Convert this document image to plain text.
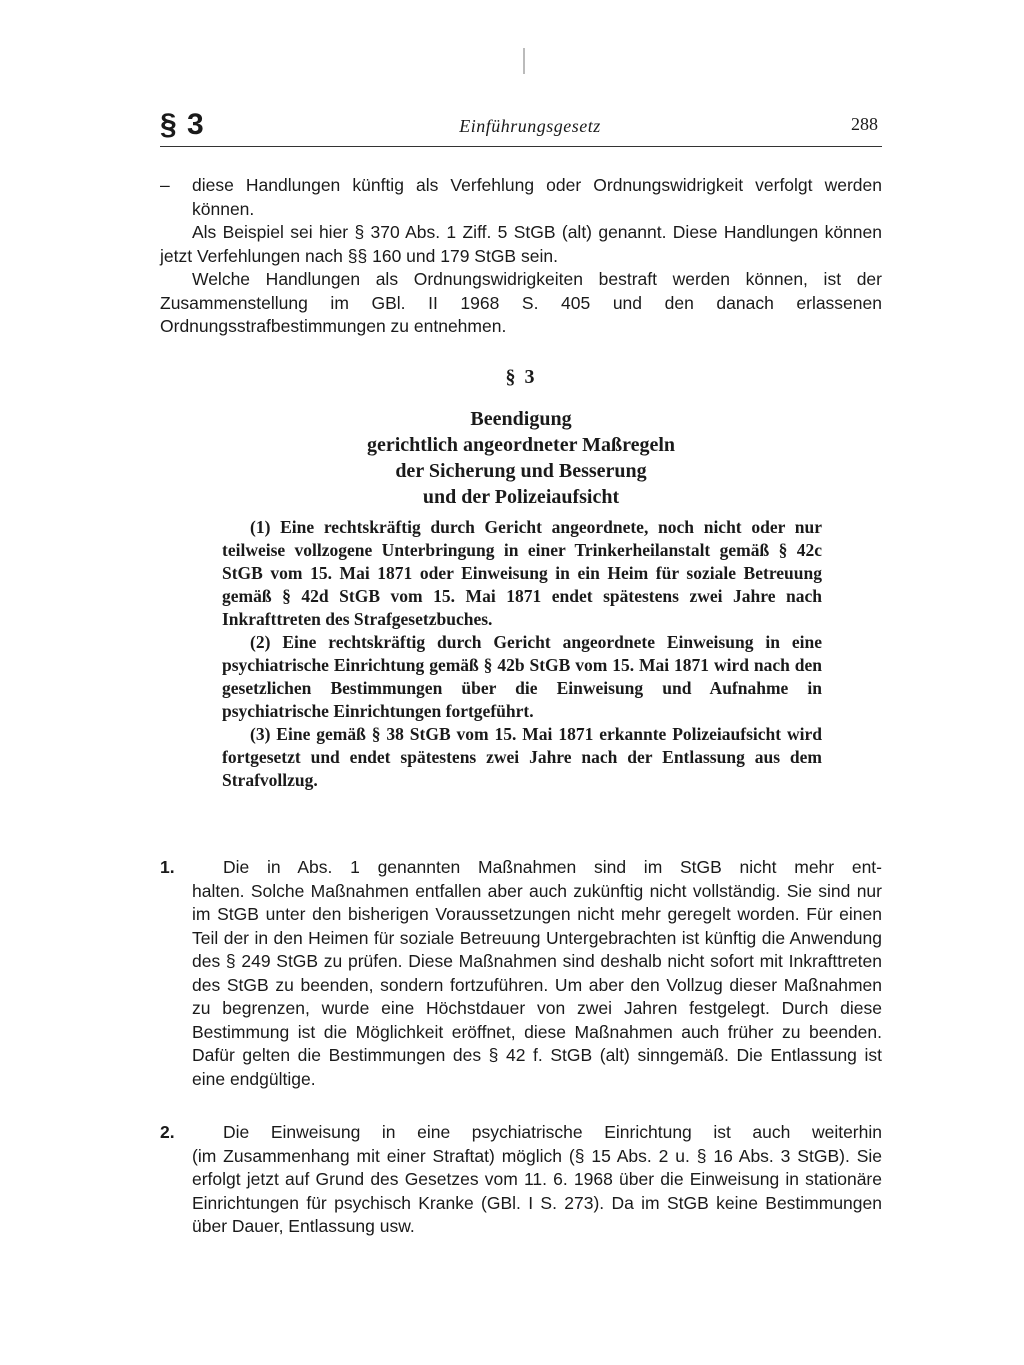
§ 3	Einführungsgesetz	288

– diese Handlungen künftig als Verfehlung oder Ordnungswidrigkeit verfolgt werden können.

Als Beispiel sei hier § 370 Abs. 1 Ziff. 5 StGB (alt) genannt. Diese Handlungen können jetzt Verfehlungen nach §§ 160 und 179 StGB sein.

Welche Handlungen als Ordnungswidrigkeiten bestraft werden können, ist der Zusammenstellung im GBl. II 1968 S. 405 und den danach erlassenen Ordnungsstrafbestimmungen zu entnehmen.

§ 3
Beendigung
gerichtlich angeordneter Maßregeln
der Sicherung und Besserung
und der Polizeiaufsicht

(1) Eine rechtskräftig durch Gericht angeordnete, noch nicht oder nur teilweise vollzogene Unterbringung in einer Trinkerheilanstalt gemäß § 42c StGB vom 15. Mai 1871 oder Einweisung in ein Heim für soziale Betreuung gemäß § 42d StGB vom 15. Mai 1871 endet spätestens zwei Jahre nach Inkrafttreten des Strafgesetzbuches.

(2) Eine rechtskräftig durch Gericht angeordnete Einweisung in eine psychiatrische Einrichtung gemäß § 42b StGB vom 15. Mai 1871 wird nach den gesetzlichen Bestimmungen über die Einweisung und Aufnahme in psychiatrische Einrichtungen fortgeführt.

(3) Eine gemäß § 38 StGB vom 15. Mai 1871 erkannte Polizeiaufsicht wird fortgesetzt und endet spätestens zwei Jahre nach der Entlassung aus dem Strafvollzug.

1.	Die in Abs. 1 genannten Maßnahmen sind im StGB nicht mehr ent-

halten. Solche Maßnahmen entfallen aber auch zukünftig nicht vollständig. Sie sind nur im StGB unter den bisherigen Voraussetzungen nicht mehr geregelt worden. Für einen Teil der in den Heimen für soziale Betreuung Untergebrachten ist künftig die Anwendung des § 249 StGB zu prüfen. Diese Maßnahmen sind deshalb nicht sofort mit Inkrafttreten des StGB zu beenden, sondern fortzuführen. Um aber den Vollzug dieser Maßnahmen zu begrenzen, wurde eine Höchstdauer von zwei Jahren festgelegt. Durch diese Bestimmung ist die Möglichkeit eröffnet, diese Maßnahmen auch früher zu beenden. Dafür gelten die Bestimmungen des § 42 f. StGB (alt) sinngemäß. Die Entlassung ist eine endgültige.

2.	Die Einweisung in eine psychiatrische Einrichtung ist auch weiterhin

(im Zusammenhang mit einer Straftat) möglich (§ 15 Abs. 2 u. § 16 Abs. 3 StGB). Sie erfolgt jetzt auf Grund des Gesetzes vom 11. 6. 1968 über die Einweisung in stationäre Einrichtungen für psychisch Kranke (GBl. I S. 273). Da im StGB keine Bestimmungen über Dauer, Entlassung usw.
